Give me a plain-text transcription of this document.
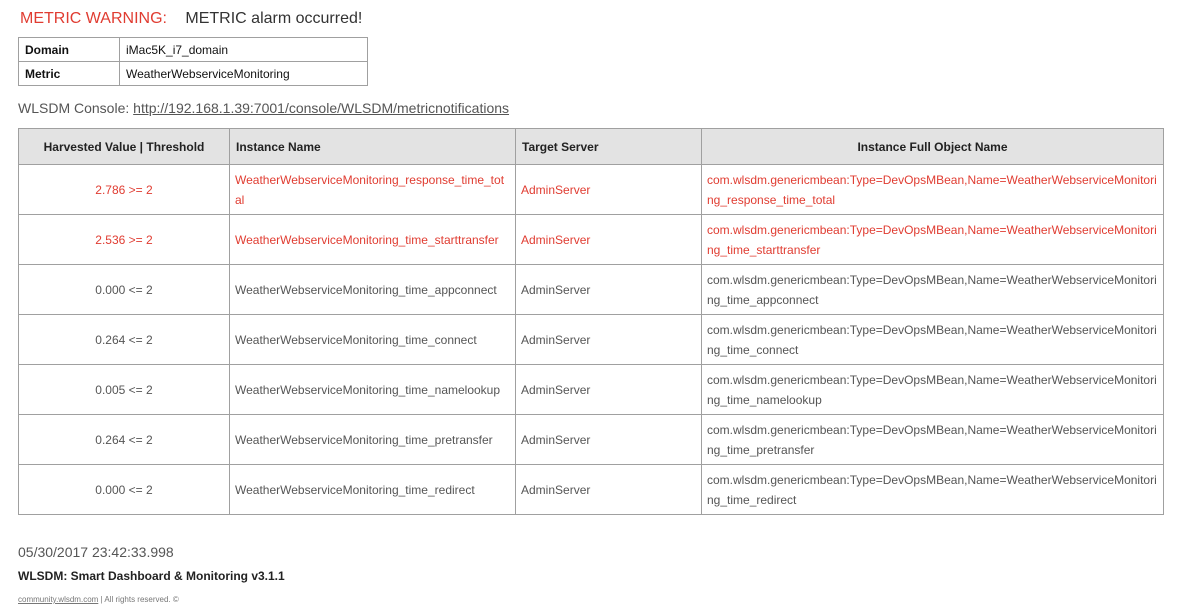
METRIC WARNING: METRIC alarm occurred!
Domain	iMac5K_i7_domain
Metric	WeatherWebserviceMonitoring
WLSDM Console: http://192.168.1.39:7001/console/WLSDM/metricnotifications
Harvested Value | Threshold	Instance Name	Target Server	Instance Full Object Name
2.786 >= 2	WeatherWebserviceMonitoring_response_time_total	AdminServer	com.wlsdm.genericmbean:Type=DevOpsMBean,Name=WeatherWebserviceMonitoring_response_time_total
2.536 >= 2	WeatherWebserviceMonitoring_time_starttransfer	AdminServer	com.wlsdm.genericmbean:Type=DevOpsMBean,Name=WeatherWebserviceMonitoring_time_starttransfer
0.000 <= 2	WeatherWebserviceMonitoring_time_appconnect	AdminServer	com.wlsdm.genericmbean:Type=DevOpsMBean,Name=WeatherWebserviceMonitoring_time_appconnect
0.264 <= 2	WeatherWebserviceMonitoring_time_connect	AdminServer	com.wlsdm.genericmbean:Type=DevOpsMBean,Name=WeatherWebserviceMonitoring_time_connect
0.005 <= 2	WeatherWebserviceMonitoring_time_namelookup	AdminServer	com.wlsdm.genericmbean:Type=DevOpsMBean,Name=WeatherWebserviceMonitoring_time_namelookup
0.264 <= 2	WeatherWebserviceMonitoring_time_pretransfer	AdminServer	com.wlsdm.genericmbean:Type=DevOpsMBean,Name=WeatherWebserviceMonitoring_time_pretransfer
0.000 <= 2	WeatherWebserviceMonitoring_time_redirect	AdminServer	com.wlsdm.genericmbean:Type=DevOpsMBean,Name=WeatherWebserviceMonitoring_time_redirect
05/30/2017 23:42:33.998
WLSDM: Smart Dashboard & Monitoring v3.1.1
community.wlsdm.com | All rights reserved. ©
